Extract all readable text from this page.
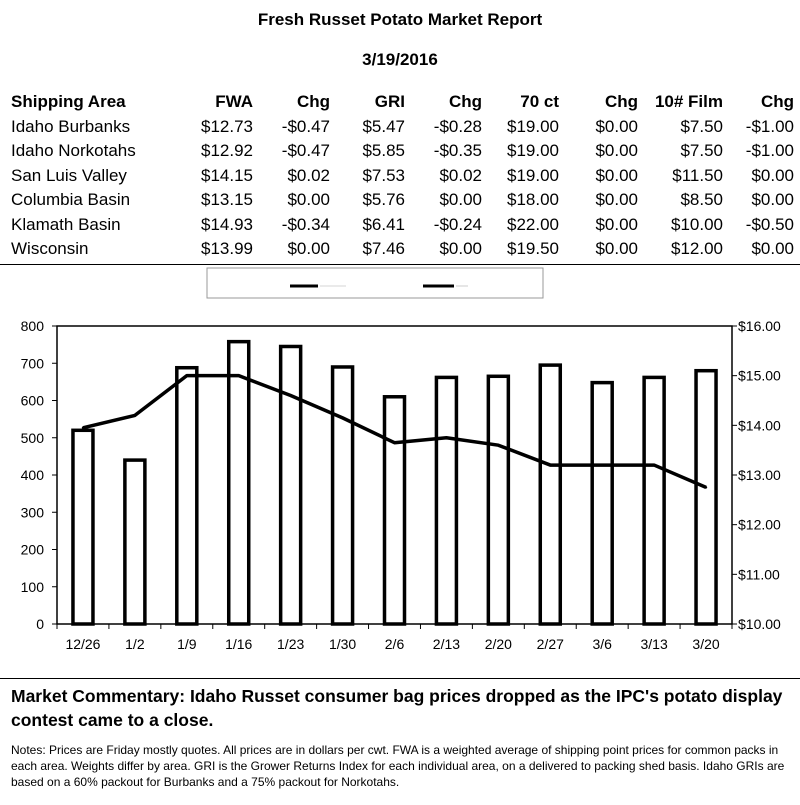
Fresh Russet Potato Market Report
3/19/2016
Shipping Area	FWA	Chg	GRI	Chg	70 ct	Chg	10# Film	Chg
Idaho Burbanks	$12.73	-$0.47	$5.47	-$0.28	$19.00	$0.00	$7.50	-$1.00
Idaho Norkotahs	$12.92	-$0.47	$5.85	-$0.35	$19.00	$0.00	$7.50	-$1.00
San Luis Valley	$14.15	$0.02	$7.53	$0.02	$19.00	$0.00	$11.50	$0.00
Columbia Basin	$13.15	$0.00	$5.76	$0.00	$18.00	$0.00	$8.50	$0.00
Klamath Basin	$14.93	-$0.34	$6.41	-$0.24	$22.00	$0.00	$10.00	-$0.50
Wisconsin	$13.99	$0.00	$7.46	$0.00	$19.50	$0.00	$12.00	$0.00
0
100
200
300
400
500
600
700
800
$10.00
$11.00
$12.00
$13.00
$14.00
$15.00
$16.00
12/26 1/2 1/9 1/16 1/23 1/30 2/6 2/13 2/20 2/27 3/6 3/13 3/20
Market Commentary: Idaho Russet consumer bag prices dropped as the IPC's potato display contest came to a close.
Notes: Prices are Friday mostly quotes. All prices are in dollars per cwt. FWA is a weighted average of shipping point prices for common packs in each area. Weights differ by area. GRI is the Grower Returns Index for each individual area, on a delivered to packing shed basis. Idaho GRIs are based on a 60% packout for Burbanks and a 75% packout for Norkotahs.
